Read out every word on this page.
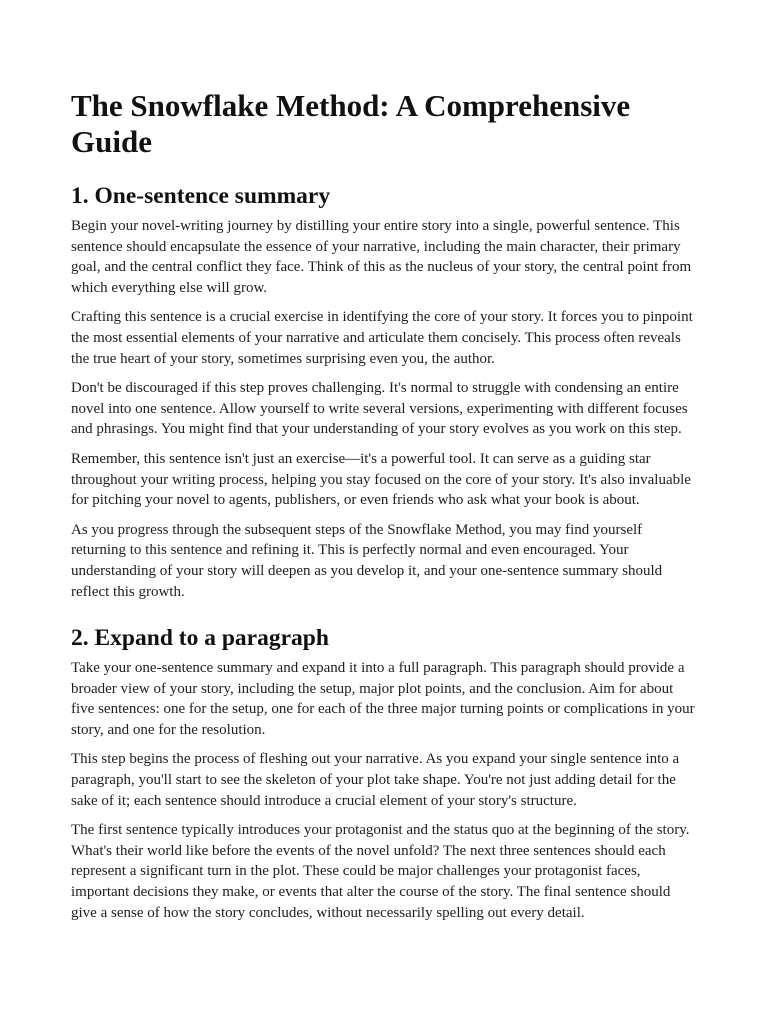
The Snowflake Method: A Comprehensive Guide
1. One-sentence summary

Begin your novel-writing journey by distilling your entire story into a single, powerful sentence. This sentence should encapsulate the essence of your narrative, including the main character, their primary goal, and the central conflict they face. Think of this as the nucleus of your story, the central point from which everything else will grow.

Crafting this sentence is a crucial exercise in identifying the core of your story. It forces you to pinpoint the most essential elements of your narrative and articulate them concisely. This process often reveals the true heart of your story, sometimes surprising even you, the author.

Don't be discouraged if this step proves challenging. It's normal to struggle with condensing an entire novel into one sentence. Allow yourself to write several versions, experimenting with different focuses and phrasings. You might find that your understanding of your story evolves as you work on this step.

Remember, this sentence isn't just an exercise—it's a powerful tool. It can serve as a guiding star throughout your writing process, helping you stay focused on the core of your story. It's also invaluable for pitching your novel to agents, publishers, or even friends who ask what your book is about.

As you progress through the subsequent steps of the Snowflake Method, you may find yourself returning to this sentence and refining it. This is perfectly normal and even encouraged. Your understanding of your story will deepen as you develop it, and your one-sentence summary should reflect this growth.

2. Expand to a paragraph

Take your one-sentence summary and expand it into a full paragraph. This paragraph should provide a broader view of your story, including the setup, major plot points, and the conclusion. Aim for about five sentences: one for the setup, one for each of the three major turning points or complications in your story, and one for the resolution.

This step begins the process of fleshing out your narrative. As you expand your single sentence into a paragraph, you'll start to see the skeleton of your plot take shape. You're not just adding detail for the sake of it; each sentence should introduce a crucial element of your story's structure.

The first sentence typically introduces your protagonist and the status quo at the beginning of the story. What's their world like before the events of the novel unfold? The next three sentences should each represent a significant turn in the plot. These could be major challenges your protagonist faces, important decisions they make, or events that alter the course of the story. The final sentence should give a sense of how the story concludes, without necessarily spelling out every detail.
